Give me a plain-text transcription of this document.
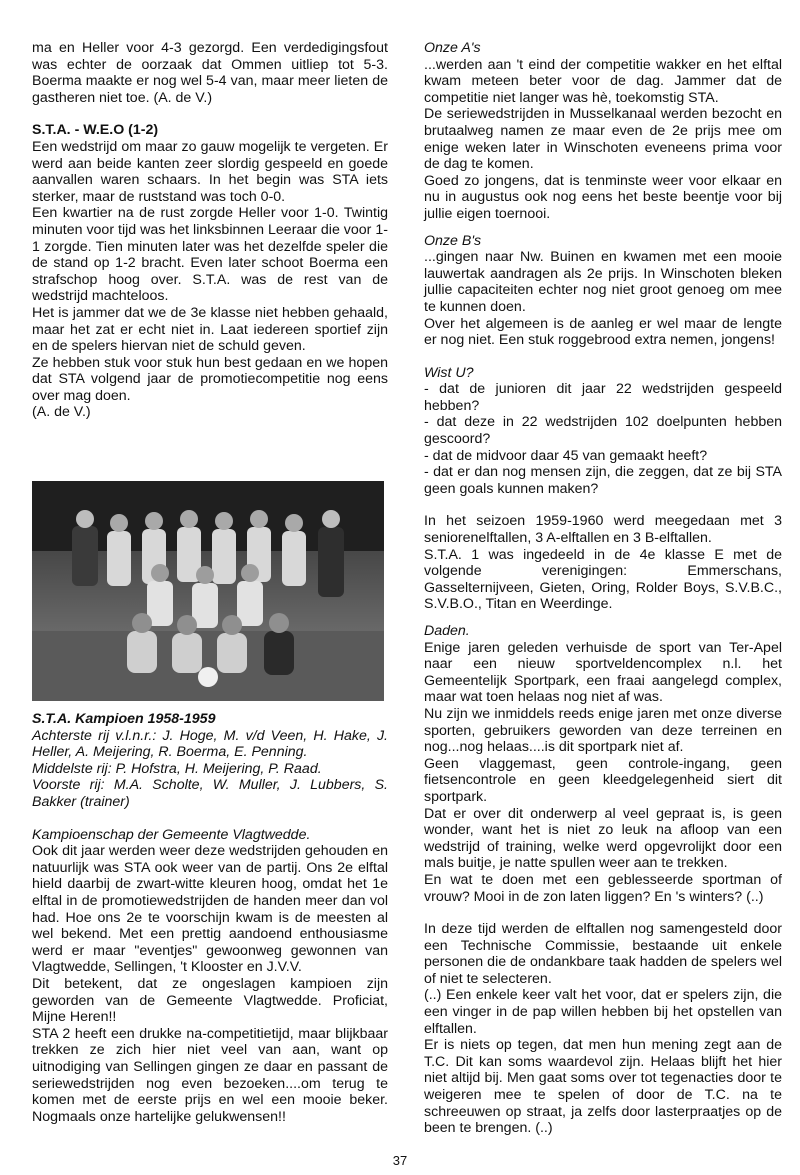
ma en Heller voor 4-3 gezorgd. Een verdedigingsfout was echter de oorzaak dat Ommen uitliep tot 5-3. Boerma maakte er nog wel 5-4 van, maar meer lieten de gastheren niet toe. (A. de V.)

S.T.A. - W.E.O (1-2)

Een wedstrijd om maar zo gauw mogelijk te vergeten. Er werd aan beide kanten zeer slordig gespeeld en goede aanvallen waren schaars. In het begin was STA iets sterker, maar de ruststand was toch 0-0.

Een kwartier na de rust zorgde Heller voor 1-0. Twintig minuten voor tijd was het linksbinnen Leeraar die voor 1-1 zorgde. Tien minuten later was het dezelfde speler die de stand op 1-2 bracht. Even later schoot Boerma een strafschop hoog over. S.T.A. was de rest van de wedstrijd machteloos.

Het is jammer dat we de 3e klasse niet hebben gehaald, maar het zat er echt niet in. Laat iedereen sportief zijn en de spelers hiervan niet de schuld geven.

Ze hebben stuk voor stuk hun best gedaan en we hopen dat STA volgend jaar de promotiecompetitie nog eens over mag doen.

(A. de V.)

S.T.A. Kampioen 1958-1959

Achterste rij v.l.n.r.: J. Hoge, M. v/d Veen, H. Hake, J. Heller, A. Meijering, R. Boerma, E. Penning.

Middelste rij: P. Hofstra, H. Meijering, P. Raad.

Voorste rij: M.A. Scholte, W. Muller, J. Lubbers, S. Bakker (trainer)

Kampioenschap der Gemeente Vlagtwedde.

Ook dit jaar werden weer deze wedstrijden gehouden en natuurlijk was STA ook weer van de partij. Ons 2e elftal hield daarbij de zwart-witte kleuren hoog, omdat het 1e elftal in de promotiewedstrijden de handen meer dan vol had. Hoe ons 2e te voorschijn kwam is de meesten al wel bekend. Met een prettig aandoend enthousiasme werd er maar "eventjes" gewoonweg gewonnen van Vlagtwedde, Sellingen, 't Klooster en J.V.V.

Dit betekent, dat ze ongeslagen kampioen zijn geworden van de Gemeente Vlagtwedde. Proficiat, Mijne Heren!!

STA 2 heeft een drukke na-competitietijd, maar blijkbaar trekken ze zich hier niet veel van aan, want op uitnodiging van Sellingen gingen ze daar en passant de seriewedstrijden nog even bezoeken....om terug te komen met de eerste prijs en wel een mooie beker. Nogmaals onze hartelijke gelukwensen!!

Onze A's

...werden aan 't eind der competitie wakker en het elftal kwam meteen beter voor de dag. Jammer dat de competitie niet langer was hè, toekomstig STA.

De seriewedstrijden in Musselkanaal werden bezocht en brutaalweg namen ze maar even de 2e prijs mee om enige weken later in Winschoten eveneens prima voor de dag te komen.

Goed zo jongens, dat is tenminste weer voor elkaar en nu in augustus ook nog eens het beste beentje voor bij jullie eigen toernooi.

Onze B's

...gingen naar Nw. Buinen en kwamen met een mooie lauwertak aandragen als 2e prijs. In Winschoten bleken jullie capaciteiten echter nog niet groot genoeg om mee te kunnen doen.

Over het algemeen is de aanleg er wel maar de lengte er nog niet. Een stuk roggebrood extra nemen, jongens!

Wist U?

- dat de junioren dit jaar 22 wedstrijden gespeeld hebben?

- dat deze in 22 wedstrijden 102 doelpunten hebben gescoord?

- dat de midvoor daar 45 van gemaakt heeft?

- dat er dan nog mensen zijn, die zeggen, dat ze bij STA geen goals kunnen maken?

In het seizoen 1959-1960 werd meegedaan met 3 seniorenelftallen, 3 A-elftallen en 3 B-elftallen.

S.T.A. 1 was ingedeeld in de 4e klasse E met de volgende verenigingen: Emmerschans, Gasselternijveen, Gieten, Oring, Rolder Boys, S.V.B.C., S.V.B.O., Titan en Weerdinge.

Daden.

Enige jaren geleden verhuisde de sport van Ter-Apel naar een nieuw sportveldencomplex n.l. het Gemeentelijk Sportpark, een fraai aangelegd complex, maar wat toen helaas nog niet af was.

Nu zijn we inmiddels reeds enige jaren met onze diverse sporten, gebruikers geworden van deze terreinen en nog...nog helaas....is dit sportpark niet af.

Geen vlaggemast, geen controle-ingang, geen fietsencontrole en geen kleedgelegenheid siert dit sportpark.

Dat er over dit onderwerp al veel gepraat is, is geen wonder, want het is niet zo leuk na afloop van een wedstrijd of training, welke werd opgevrolijkt door een mals buitje, je natte spullen weer aan te trekken.

En wat te doen met een geblesseerde sportman of vrouw? Mooi in de zon laten liggen? En 's winters? (..)

In deze tijd werden de elftallen nog samengesteld door een Technische Commissie, bestaande uit enkele personen die de ondankbare taak hadden de spelers wel of niet te selecteren.

(..) Een enkele keer valt het voor, dat er spelers zijn, die een vinger in de pap willen hebben bij het opstellen van elftallen.

Er is niets op tegen, dat men hun mening zegt aan de T.C. Dit kan soms waardevol zijn. Helaas blijft het hier niet altijd bij. Men gaat soms over tot tegenacties door te weigeren mee te spelen of door de T.C. na te schreeuwen op straat, ja zelfs door lasterpraatjes op de been te brengen. (..)

37
